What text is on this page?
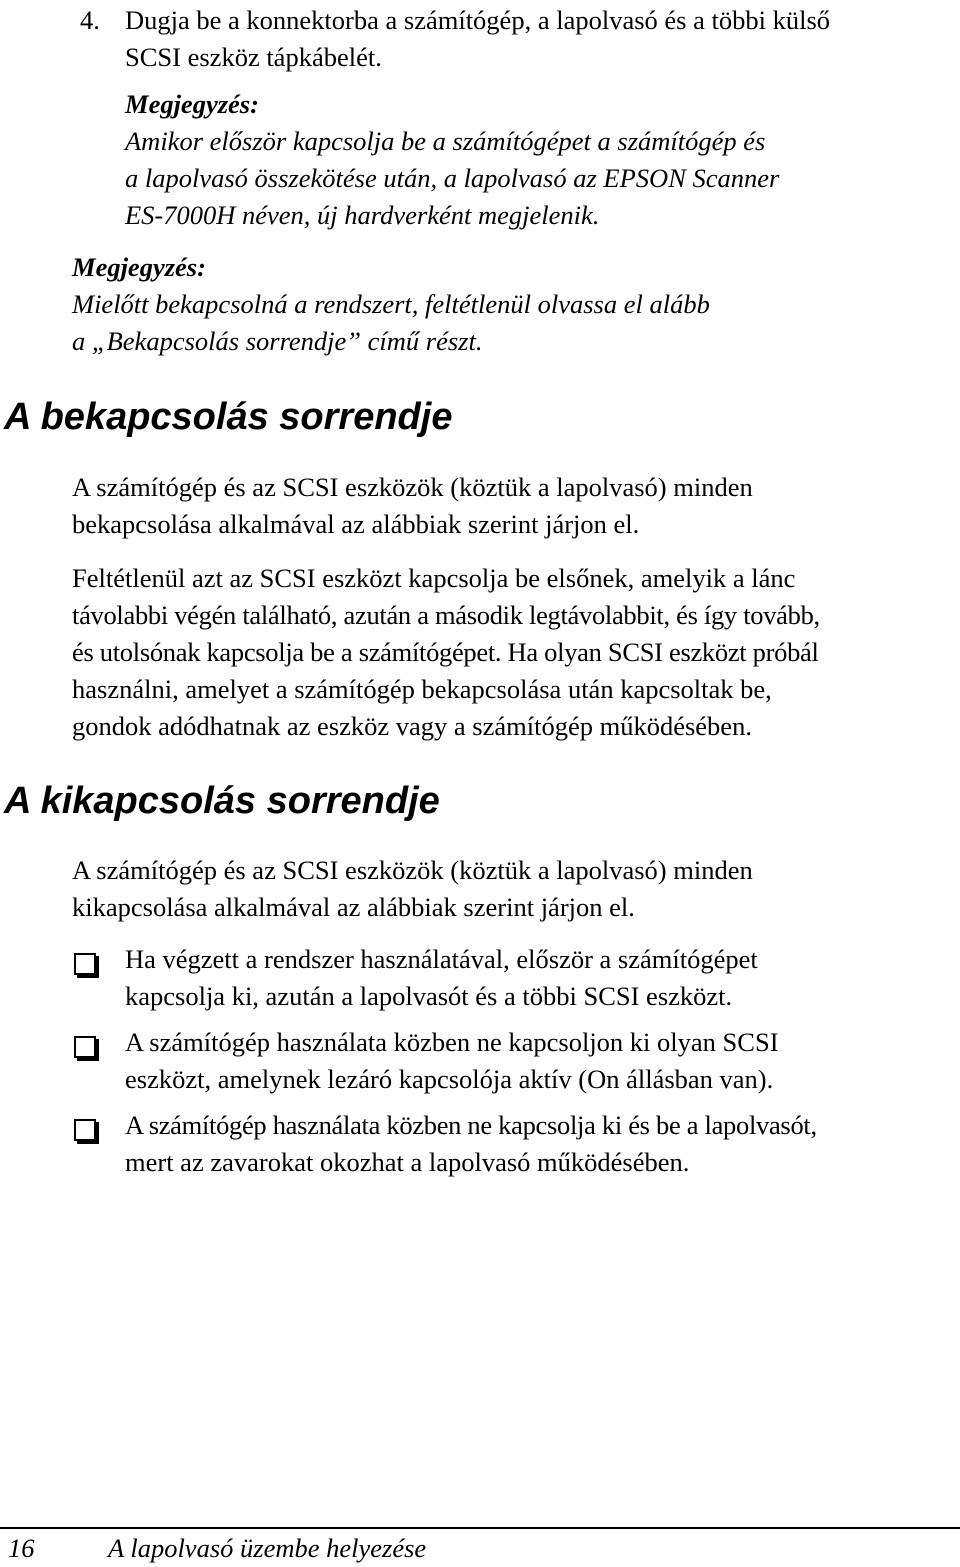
4. Dugja be a konnektorba a számítógép, a lapolvasó és a többi külső
SCSI eszköz tápkábelét.
Megjegyzés:
Amikor először kapcsolja be a számítógépet a számítógép és
a lapolvasó összekötése után, a lapolvasó az EPSON Scanner
ES-7000H néven, új hardverként megjelenik.
Megjegyzés:
Mielőtt bekapcsolná a rendszert, feltétlenül olvassa el alább
a „Bekapcsolás sorrendje” című részt.
A bekapcsolás sorrendje
A számítógép és az SCSI eszközök (köztük a lapolvasó) minden
bekapcsolása alkalmával az alábbiak szerint járjon el.
Feltétlenül azt az SCSI eszközt kapcsolja be elsőnek, amelyik a lánc
távolabbi végén található, azután a második legtávolabbit, és így tovább,
és utolsónak kapcsolja be a számítógépet. Ha olyan SCSI eszközt próbál
használni, amelyet a számítógép bekapcsolása után kapcsoltak be,
gondok adódhatnak az eszköz vagy a számítógép működésében.
A kikapcsolás sorrendje
A számítógép és az SCSI eszközök (köztük a lapolvasó) minden
kikapcsolása alkalmával az alábbiak szerint járjon el.
Ha végzett a rendszer használatával, először a számítógépet
kapcsolja ki, azután a lapolvasót és a többi SCSI eszközt.
A számítógép használata közben ne kapcsoljon ki olyan SCSI
eszközt, amelynek lezáró kapcsolója aktív (On állásban van).
A számítógép használata közben ne kapcsolja ki és be a lapolvasót,
mert az zavarokat okozhat a lapolvasó működésében.
16	A lapolvasó üzembe helyezése
